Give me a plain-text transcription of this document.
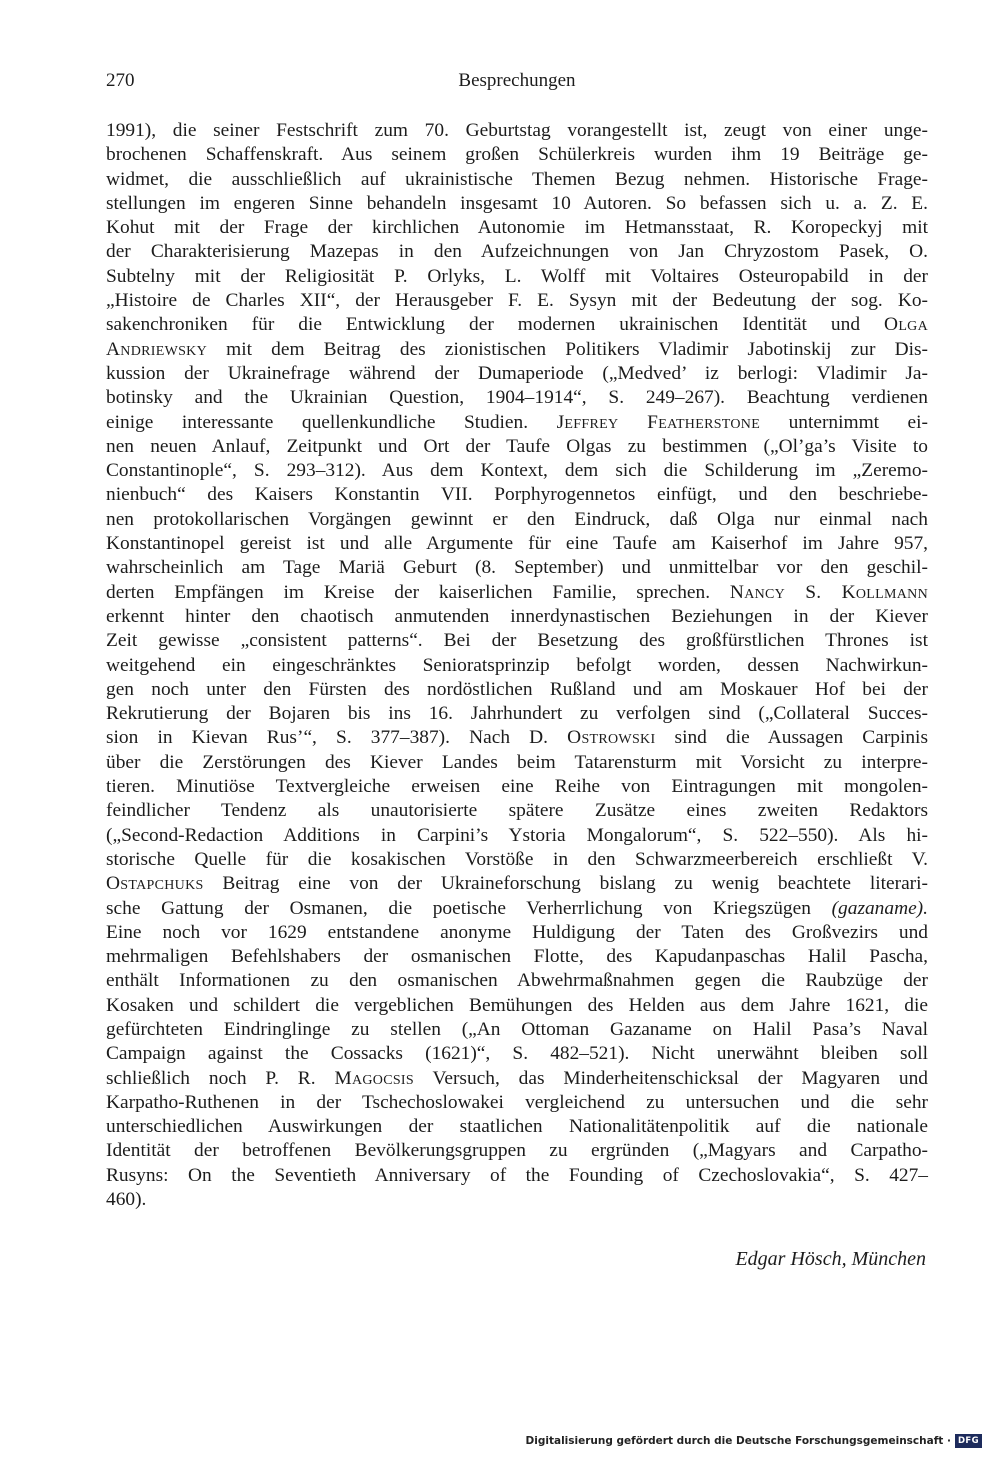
270	Besprechungen
1991), die seiner Festschrift zum 70. Geburtstag vorangestellt ist, zeugt von einer unge-
brochenen Schaffenskraft. Aus seinem großen Schülerkreis wurden ihm 19 Beiträge ge-
widmet, die ausschließlich auf ukrainistische Themen Bezug nehmen. Historische Frage-
stellungen im engeren Sinne behandeln insgesamt 10 Autoren. So befassen sich u. a. Z. E.
Kohut mit der Frage der kirchlichen Autonomie im Hetmansstaat, R. Koropeckyj mit
der Charakterisierung Mazepas in den Aufzeichnungen von Jan Chryzostom Pasek, O.
Subtelny mit der Religiosität P. Orlyks, L. Wolff mit Voltaires Osteuropabild in der
„Histoire de Charles XII“, der Herausgeber F. E. Sysyn mit der Bedeutung der sog. Ko-
sakenchroniken für die Entwicklung der modernen ukrainischen Identität und Olga
Andriewsky mit dem Beitrag des zionistischen Politikers Vladimir Jabotinskij zur Dis-
kussion der Ukrainefrage während der Dumaperiode („Medved’ iz berlogi: Vladimir Ja-
botinsky and the Ukrainian Question, 1904–1914“, S. 249–267). Beachtung verdienen
einige interessante quellenkundliche Studien. Jeffrey Featherstone unternimmt ei-
nen neuen Anlauf, Zeitpunkt und Ort der Taufe Olgas zu bestimmen („Ol’ga’s Visite to
Constantinople“, S. 293–312). Aus dem Kontext, dem sich die Schilderung im „Zeremo-
nienbuch“ des Kaisers Konstantin VII. Porphyrogennetos einfügt, und den beschriebe-
nen protokollarischen Vorgängen gewinnt er den Eindruck, daß Olga nur einmal nach
Konstantinopel gereist ist und alle Argumente für eine Taufe am Kaiserhof im Jahre 957,
wahrscheinlich am Tage Mariä Geburt (8. September) und unmittelbar vor den geschil-
derten Empfängen im Kreise der kaiserlichen Familie, sprechen. Nancy S. Kollmann
erkennt hinter den chaotisch anmutenden innerdynastischen Beziehungen in der Kiever
Zeit gewisse „consistent patterns“. Bei der Besetzung des großfürstlichen Thrones ist
weitgehend ein eingeschränktes Senioratsprinzip befolgt worden, dessen Nachwirkun-
gen noch unter den Fürsten des nordöstlichen Rußland und am Moskauer Hof bei der
Rekrutierung der Bojaren bis ins 16. Jahrhundert zu verfolgen sind („Collateral Succes-
sion in Kievan Rus’“, S. 377–387). Nach D. Ostrowski sind die Aussagen Carpinis
über die Zerstörungen des Kiever Landes beim Tatarensturm mit Vorsicht zu interpre-
tieren. Minutiöse Textvergleiche erweisen eine Reihe von Eintragungen mit mongolen-
feindlicher Tendenz als unautorisierte spätere Zusätze eines zweiten Redaktors
(„Second-Redaction Additions in Carpini’s Ystoria Mongalorum“, S. 522–550). Als hi-
storische Quelle für die kosakischen Vorstöße in den Schwarzmeerbereich erschließt V.
Ostapchuks Beitrag eine von der Ukraineforschung bislang zu wenig beachtete literari-
sche Gattung der Osmanen, die poetische Verherrlichung von Kriegszügen (gazaname).
Eine noch vor 1629 entstandene anonyme Huldigung der Taten des Großvezirs und
mehrmaligen Befehlshabers der osmanischen Flotte, des Kapudanpaschas Halil Pascha,
enthält Informationen zu den osmanischen Abwehrmaßnahmen gegen die Raubzüge der
Kosaken und schildert die vergeblichen Bemühungen des Helden aus dem Jahre 1621, die
gefürchteten Eindringlinge zu stellen („An Ottoman Gazaname on Halil Pasa’s Naval
Campaign against the Cossacks (1621)“, S. 482–521). Nicht unerwähnt bleiben soll
schließlich noch P. R. Magocsis Versuch, das Minderheitenschicksal der Magyaren und
Karpatho-Ruthenen in der Tschechoslowakei vergleichend zu untersuchen und die sehr
unterschiedlichen Auswirkungen der staatlichen Nationalitätenpolitik auf die nationale
Identität der betroffenen Bevölkerungsgruppen zu ergründen („Magyars and Carpatho-
Rusyns: On the Seventieth Anniversary of the Founding of Czechoslovakia“, S. 427–
460).
Edgar Hösch, München
Digitalisierung gefördert durch die Deutsche Forschungsgemeinschaft · DFG
